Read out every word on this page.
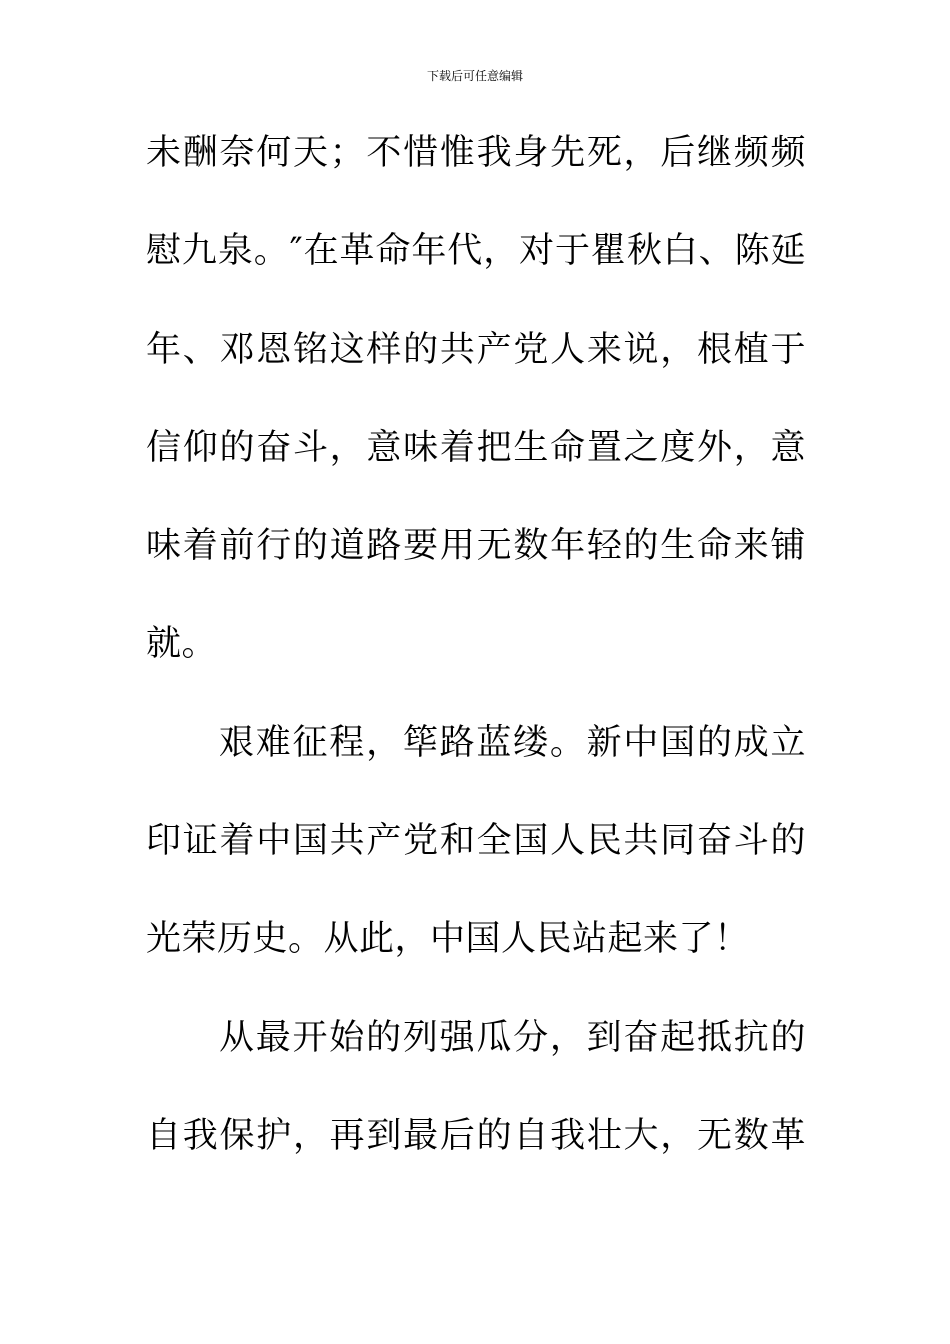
下载后可任意编辑
未酬奈何天；不惜惟我身先死，后继频频
慰九泉。″在革命年代，对于瞿秋白、陈延
年、邓恩铭这样的共产党人来说，根植于
信仰的奋斗，意味着把生命置之度外，意
味着前行的道路要用无数年轻的生命来铺
就。
艰难征程，筚路蓝缕。新中国的成立
印证着中国共产党和全国人民共同奋斗的
光荣历史。从此，中国人民站起来了！
从最开始的列强瓜分，到奋起抵抗的
自我保护，再到最后的自我壮大，无数革
